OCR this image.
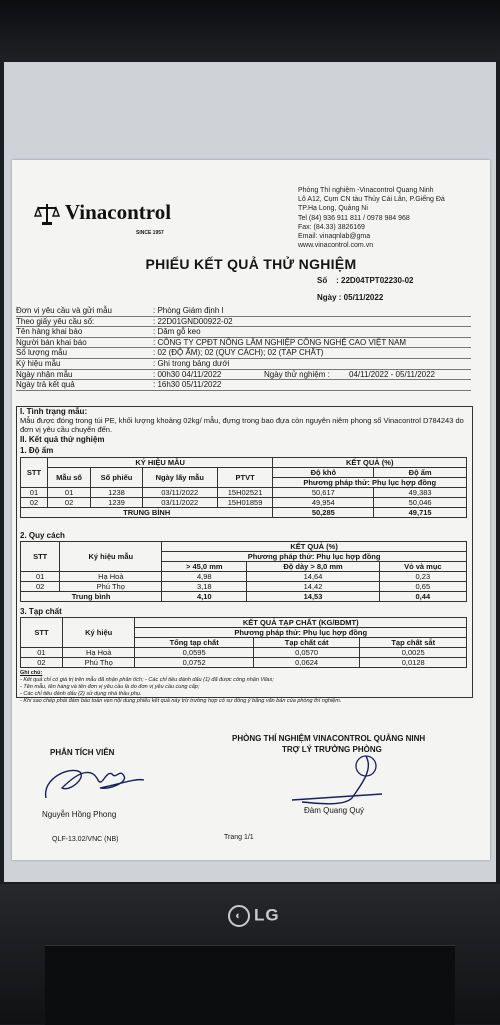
Vinacontrol
SINCE 1957
Phòng Thí nghiệm -Vinacontrol Quang Ninh
Lô A12, Cụm CN tàu Thủy Cái Lân, P.Giếng Đá
TP.Hạ Long, Quảng Ni
Tel (84) 936 911 811 / 0978 984 968
Fax: (84.33) 3826169
Email: vinaqnlab@gma
www.vinacontrol.com.vn
PHIẾU KẾT QUẢ THỬ NGHIỆM
Số : 22D04TPT02230-02
Ngày : 05/11/2022
Đơn vị yêu cầu và gửi mẫu	: Phòng Giám định I
Theo giấy yêu cầu số:	: 22D01GND00922-02
Tên hàng khai báo	: Dăm gỗ keo
Người bán khai báo	: CÔNG TY CPĐT NÔNG LÂM NGHIỆP CÔNG NGHỆ CAO VIỆT NAM
Số lượng mẫu	: 02 (ĐỘ ẨM); 02 (QUY CÁCH); 02 (TẠP CHẤT)
Ký hiệu mẫu	: Ghi trong bảng dưới
Ngày nhận mẫu	: 00h30 04/11/2022	Ngày thử nghiệm : 04/11/2022 - 05/11/2022
Ngày trả kết quả	: 16h30 05/11/2022
I. Tình trạng mẫu:
Mẫu được đóng trong túi PE, khối lượng khoảng 02kg/ mẫu, đựng trong bao đựa còn nguyên niêm phong số Vinacontrol D784243 do đơn vị yêu cầu chuyển đến.
II. Kết quả thử nghiệm
1. Độ ẩm
STT	KÝ HIỆU MẪU				KẾT QUẢ (%)	
	Mẫu số	Số phiếu	Ngày lấy mẫu	PTVT	Độ khô	Độ ẩm
					Phương pháp thử: Phụ lục hợp đồng	
01	01	1238	03/11/2022	15H02521	50,617	49,383
02	02	1239	03/11/2022	15H01859	49,954	50,046
TRUNG BÌNH					50,285	49,715
2. Quy cách
STT	Ký hiệu mẫu	KẾT QUẢ (%)		
		Phương pháp thử: Phụ lục hợp đồng		
		> 45,0 mm	Độ dày > 8,0 mm	Vỏ và mục
01	Hạ Hoà	4,98	14,64	0,23
02	Phú Thọ	3,18	14,42	0,65
Trung bình		4,10	14,53	0,44
3. Tạp chất
STT	Ký hiệu	KẾT QUẢ TẠP CHẤT (KG/BDMT)		
		Phương pháp thử: Phụ lục hợp đồng		
		Tổng tạp chất	Tạp chất cát	Tạp chất sắt
01	Hạ Hoà	0,0595	0,0570	0,0025
02	Phú Thọ	0,0752	0,0624	0,0128
Ghi chú:
- Kết quả chỉ có giá trị trên mẫu đã nhận phân tích; - Các chỉ tiêu đánh dấu (1) đã được công nhận Vilas;
- Tên mẫu, tên hàng và tên đơn vị yêu cầu là do đơn vị yêu cầu cung cấp;
- Các chỉ tiêu đánh dấu (2) sử dụng nhà thầu phụ.
- Khi sao chép phải đảm bảo toàn vẹn nội dung phiếu kết quả này trừ trường hợp có sự đồng ý bằng văn bản của phòng thí nghiệm.
PHÒNG THÍ NGHIỆM VINACONTROL QUẢNG NINH
PHÂN TÍCH VIÊN	TRỢ LÝ TRƯỞNG PHÒNG
Nguyễn Hồng Phong	Đàm Quang Quý
QLF-13.02/VNC (NB)	Trang 1/1
◐ LG
